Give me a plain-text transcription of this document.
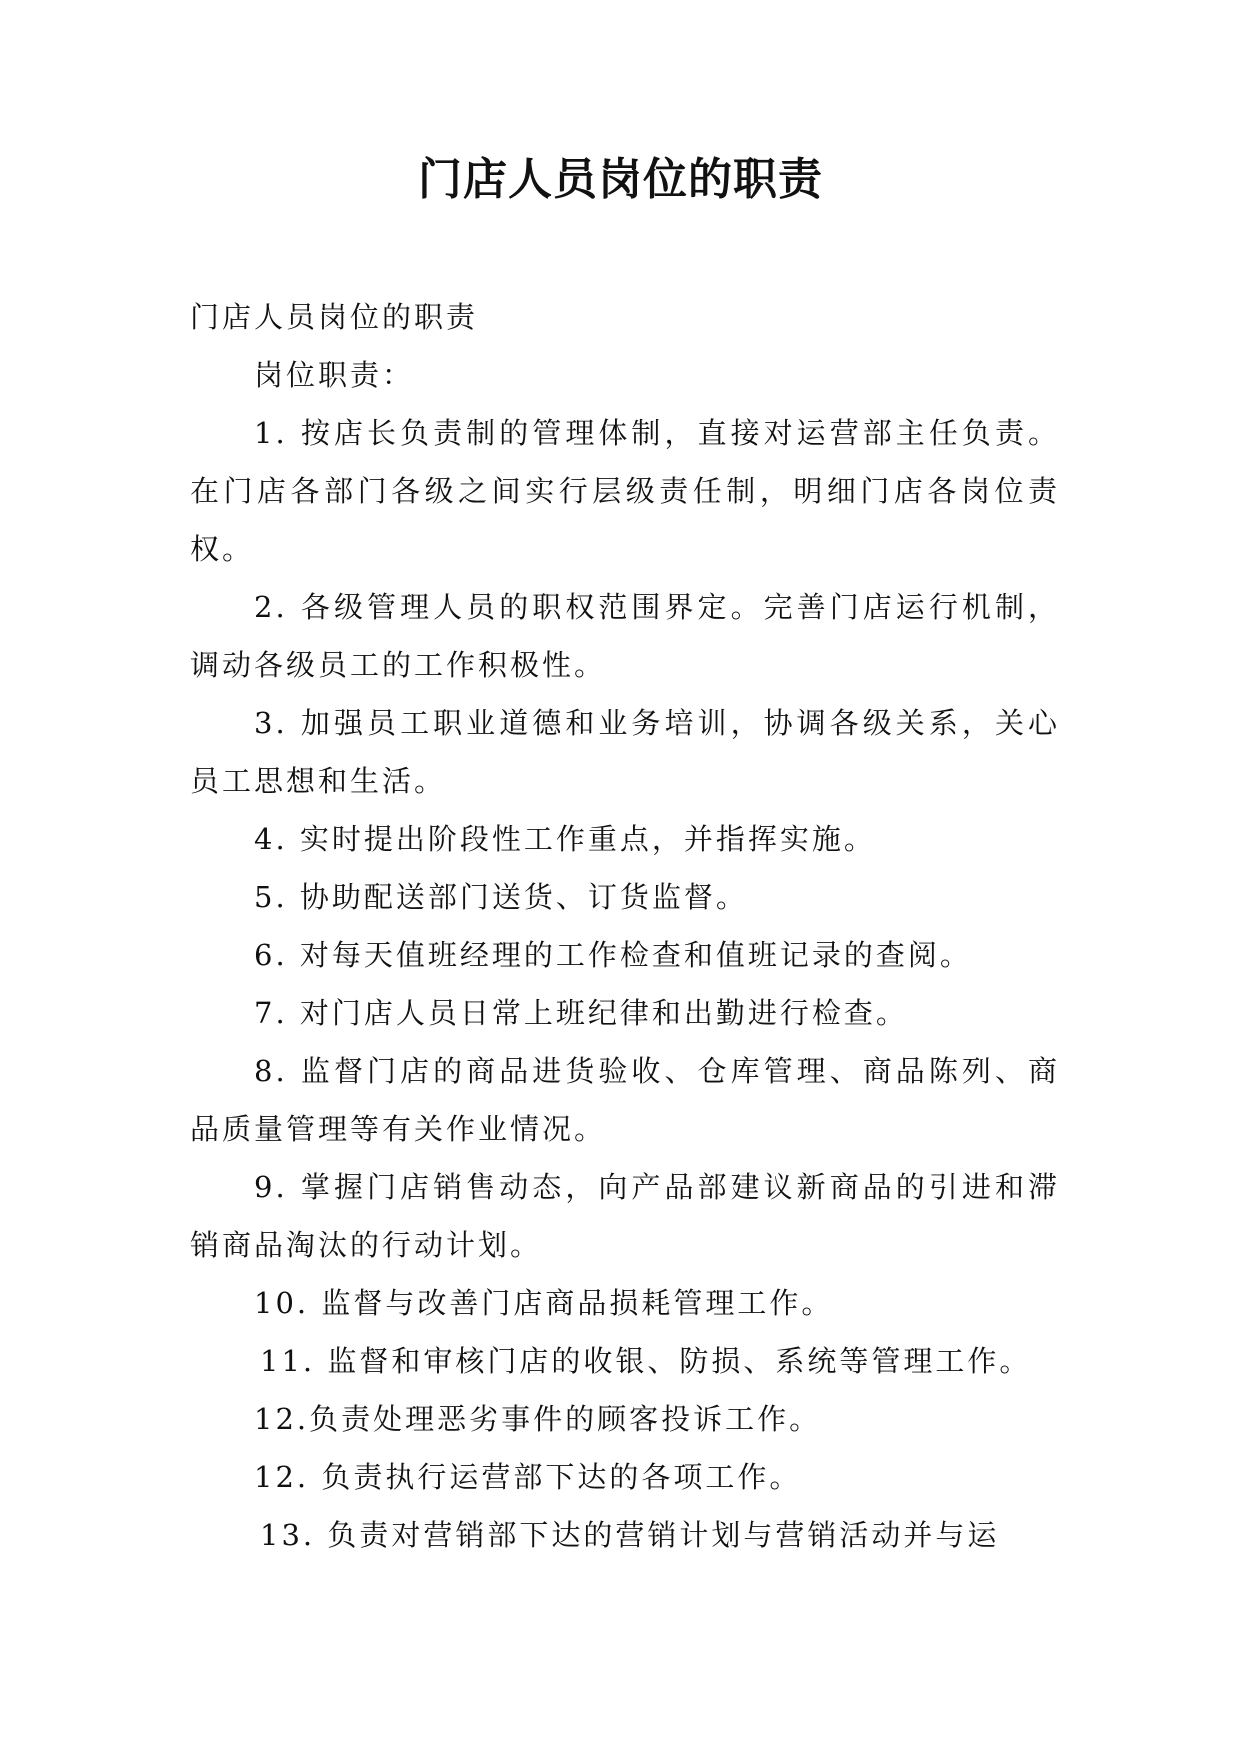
门店人员岗位的职责

门店人员岗位的职责

岗位职责：

1. 按店长负责制的管理体制，直接对运营部主任负责。在门店各部门各级之间实行层级责任制，明细门店各岗位责权。

2. 各级管理人员的职权范围界定。完善门店运行机制，调动各级员工的工作积极性。

3. 加强员工职业道德和业务培训，协调各级关系，关心员工思想和生活。

4. 实时提出阶段性工作重点，并指挥实施。

5. 协助配送部门送货、订货监督。

6. 对每天值班经理的工作检查和值班记录的查阅。

7. 对门店人员日常上班纪律和出勤进行检查。

8. 监督门店的商品进货验收、仓库管理、商品陈列、商品质量管理等有关作业情况。

9. 掌握门店销售动态，向产品部建议新商品的引进和滞销商品淘汰的行动计划。

10. 监督与改善门店商品损耗管理工作。

11. 监督和审核门店的收银、防损、系统等管理工作。

12.负责处理恶劣事件的顾客投诉工作。

12. 负责执行运营部下达的各项工作。

13. 负责对营销部下达的营销计划与营销活动并与运
